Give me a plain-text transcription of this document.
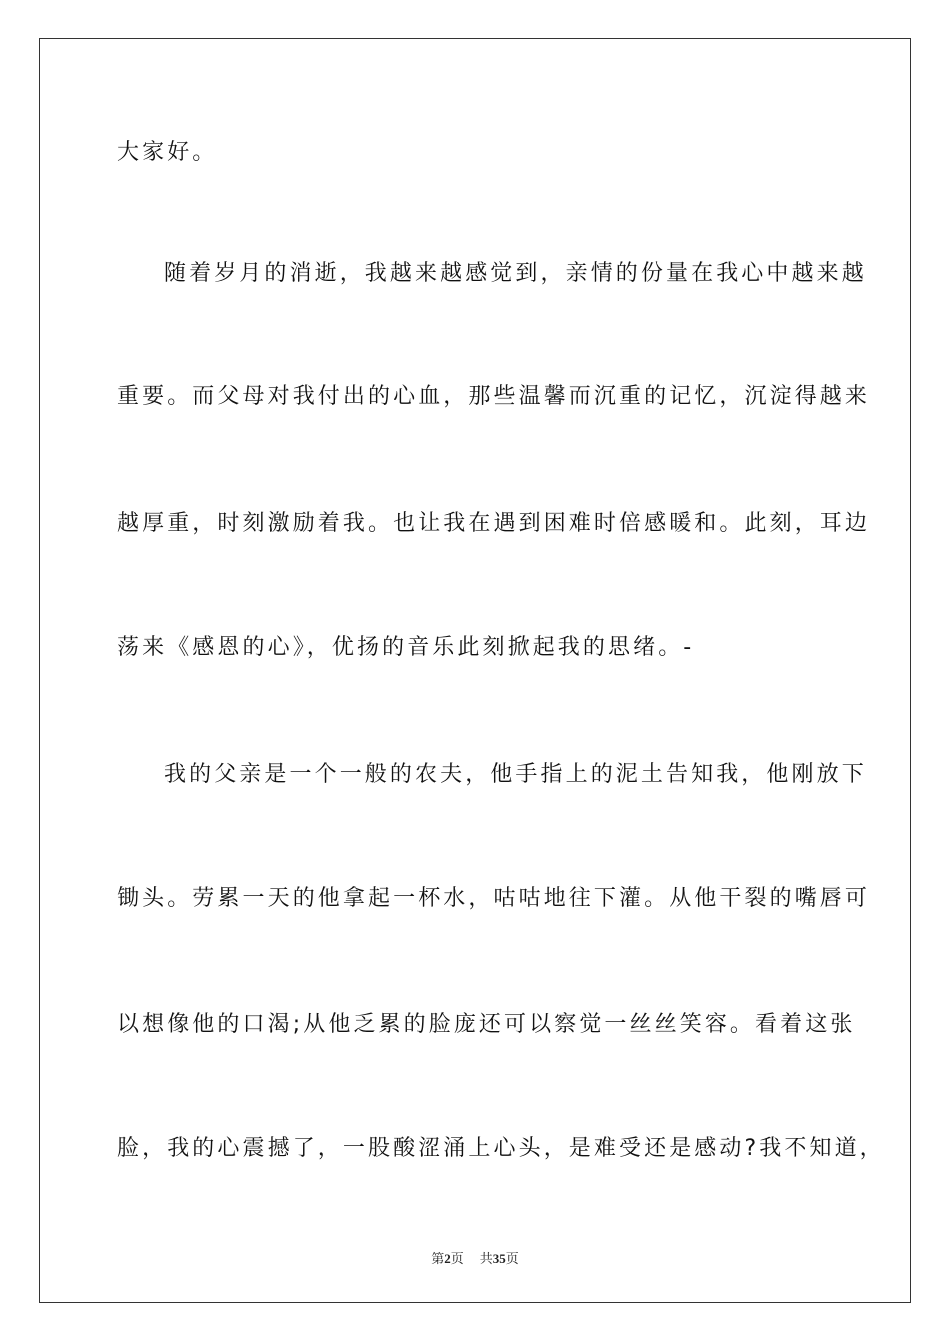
大家好。
随着岁月的消逝，我越来越感觉到，亲情的份量在我心中越来越
重要。而父母对我付出的心血，那些温馨而沉重的记忆，沉淀得越来
越厚重，时刻激励着我。也让我在遇到困难时倍感暖和。此刻，耳边
荡来《感恩的心》，优扬的音乐此刻掀起我的思绪。-
我的父亲是一个一般的农夫，他手指上的泥土告知我，他刚放下
锄头。劳累一天的他拿起一杯水，咕咕地往下灌。从他干裂的嘴唇可
以想像他的口渴;从他乏累的脸庞还可以察觉一丝丝笑容。看着这张
脸，我的心震撼了，一股酸涩涌上心头，是难受还是感动?我不知道，
第2页 共35页
